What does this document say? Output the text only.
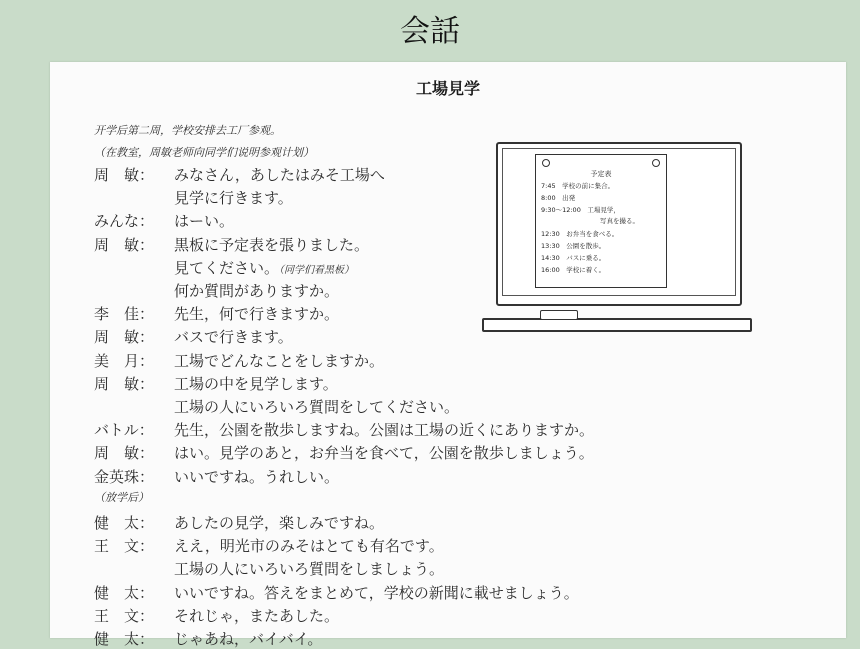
会話
工場見学
开学后第二周，学校安排去工厂参观。
（在教室，周敏老师向同学们说明参观计划）
周　敏： みなさん，あしたはみそ工場へ
見学に行きます。
みんな： はーい。
周　敏： 黒板に予定表を張りました。
見てください。（同学们看黑板）
何か質問がありますか。
李　佳： 先生，何で行きますか。
周　敏： バスで行きます。
美　月： 工場でどんなことをしますか。
周　敏： 工場の中を見学します。
工場の人にいろいろ質問をしてください。
バトル： 先生，公園を散歩しますね。公園は工場の近くにありますか。
周　敏： はい。見学のあと，お弁当を食べて，公園を散歩しましょう。
金英珠： いいですね。うれしい。
（放学后）
健　太： あしたの見学，楽しみですね。
王　文： ええ，明光市のみそはとても有名です。
工場の人にいろいろ質問をしましょう。
健　太： いいですね。答えをまとめて，学校の新聞に載せましょう。
王　文： それじゃ，またあした。
健　太： じゃあね，バイバイ。
予定表
7:45　学校の前に集合。
8:00　出発
9:30〜12:00　工場見学，
写真を撮る。
12:30　お弁当を食べる。
13:30　公園を散歩。
14:30　バスに乗る。
16:00　学校に着く。
